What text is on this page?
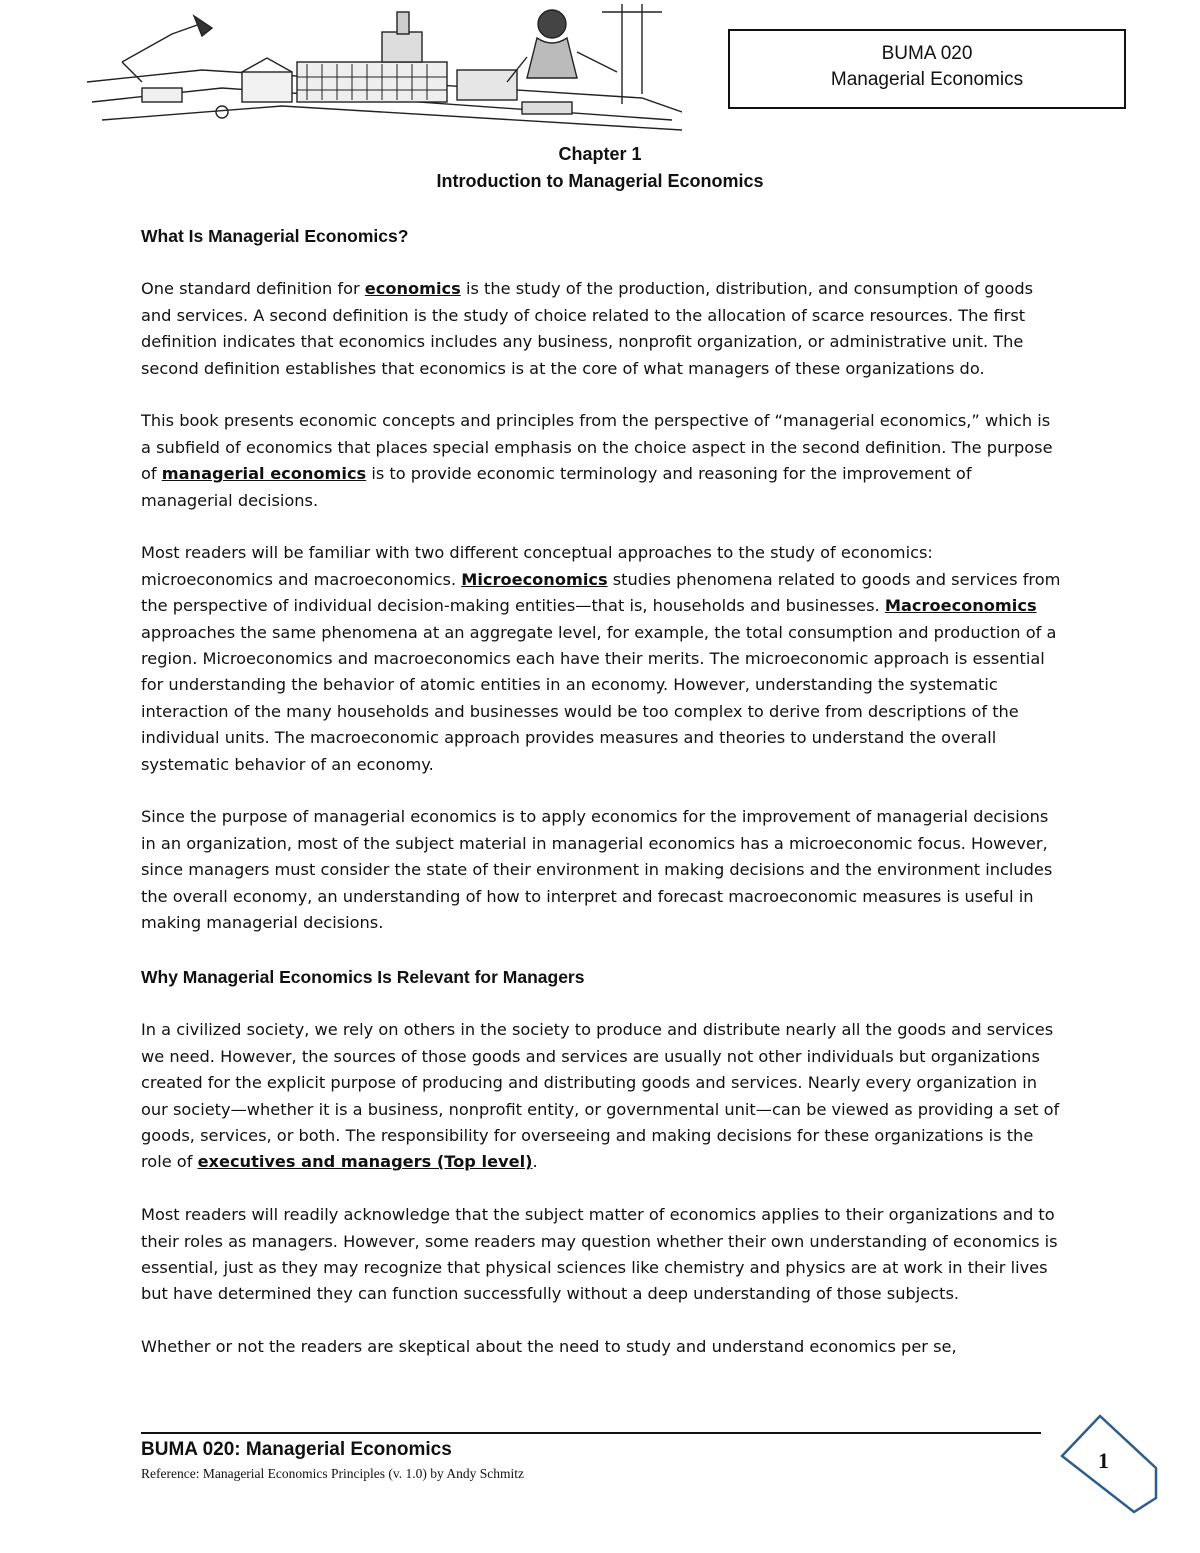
BUMA 020
Managerial Economics
Chapter 1
Introduction to Managerial Economics
What Is Managerial Economics?

One standard definition for economics is the study of the production, distribution, and consumption of goods and services. A second definition is the study of choice related to the allocation of scarce resources. The first definition indicates that economics includes any business, nonprofit organization, or administrative unit. The second definition establishes that economics is at the core of what managers of these organizations do.

This book presents economic concepts and principles from the perspective of “managerial economics,” which is a subfield of economics that places special emphasis on the choice aspect in the second definition. The purpose of managerial economics is to provide economic terminology and reasoning for the improvement of managerial decisions.

Most readers will be familiar with two different conceptual approaches to the study of economics: microeconomics and macroeconomics. Microeconomics studies phenomena related to goods and services from the perspective of individual decision-making entities—that is, households and businesses. Macroeconomics approaches the same phenomena at an aggregate level, for example, the total consumption and production of a region. Microeconomics and macroeconomics each have their merits. The microeconomic approach is essential for understanding the behavior of atomic entities in an economy. However, understanding the systematic interaction of the many households and businesses would be too complex to derive from descriptions of the individual units. The macroeconomic approach provides measures and theories to understand the overall systematic behavior of an economy.

Since the purpose of managerial economics is to apply economics for the improvement of managerial decisions in an organization, most of the subject material in managerial economics has a microeconomic focus. However, since managers must consider the state of their environment in making decisions and the environment includes the overall economy, an understanding of how to interpret and forecast macroeconomic measures is useful in making managerial decisions.

Why Managerial Economics Is Relevant for Managers

In a civilized society, we rely on others in the society to produce and distribute nearly all the goods and services we need. However, the sources of those goods and services are usually not other individuals but organizations created for the explicit purpose of producing and distributing goods and services. Nearly every organization in our society—whether it is a business, nonprofit entity, or governmental unit—can be viewed as providing a set of goods, services, or both. The responsibility for overseeing and making decisions for these organizations is the role of executives and managers (Top level).

Most readers will readily acknowledge that the subject matter of economics applies to their organizations and to their roles as managers. However, some readers may question whether their own understanding of economics is essential, just as they may recognize that physical sciences like chemistry and physics are at work in their lives but have determined they can function successfully without a deep understanding of those subjects.

Whether or not the readers are skeptical about the need to study and understand economics per se,

BUMA 020: Managerial Economics
Reference: Managerial Economics Principles (v. 1.0) by Andy Schmitz
1
